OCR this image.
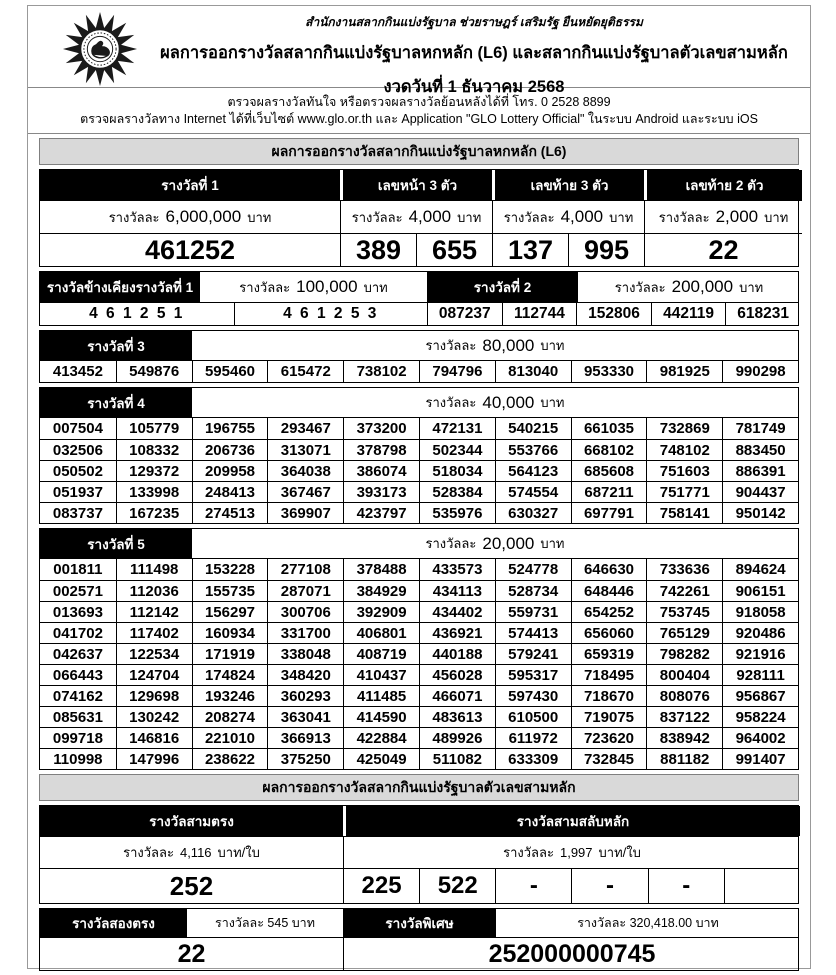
สำนักงานสลากกินแบ่งรัฐบาล ช่วยราษฎร์ เสริมรัฐ ยืนหยัดยุติธรรม
ผลการออกรางวัลสลากกินแบ่งรัฐบาลหกหลัก (L6) และสลากกินแบ่งรัฐบาลตัวเลขสามหลัก
งวดวันที่ 1 ธันวาคม 2568
ตรวจผลรางวัลทันใจ หรือตรวจผลรางวัลย้อนหลังได้ที่ โทร. 0 2528 8899
ตรวจผลรางวัลทาง Internet ได้ที่เว็บไซต์ www.glo.or.th และ Application "GLO Lottery Official" ในระบบ Android และระบบ iOS
ผลการออกรางวัลสลากกินแบ่งรัฐบาลหกหลัก (L6)
รางวัลที่ 1	เลขหน้า 3 ตัว	เลขท้าย 3 ตัว	เลขท้าย 2 ตัว
รางวัลละ 6,000,000 บาท	รางวัลละ 4,000 บาท รางวัลละ 4,000 บาท รางวัลละ 2,000 บาท
461252	389	655	137	995	22
รางวัลข้างเคียงรางวัลที่ 1	รางวัลละ 100,000 บาท	รางวัลที่ 2	รางวัลละ 200,000 บาท
4 6 1 2 5 1	4 6 1 2 5 3	087237	112744	152806	442119	618231
รางวัลที่ 3	รางวัลละ 80,000 บาท
413452	549876	595460	615472	738102	794796	813040	953330	981925	990298
รางวัลที่ 4	รางวัลละ 40,000 บาท
007504	105779	196755	293467	373200	472131	540215	661035	732869	781749
032506	108332	206736	313071	378798	502344	553766	668102	748102	883450
050502	129372	209958	364038	386074	518034	564123	685608	751603	886391
051937	133998	248413	367467	393173	528384	574554	687211	751771	904437
083737	167235	274513	369907	423797	535976	630327	697791	758141	950142
รางวัลที่ 5	รางวัลละ 20,000 บาท
001811	111498	153228	277108	378488	433573	524778	646630	733636	894624
002571	112036	155735	287071	384929	434113	528734	648446	742261	906151
013693	112142	156297	300706	392909	434402	559731	654252	753745	918058
041702	117402	160934	331700	406801	436921	574413	656060	765129	920486
042637	122534	171919	338048	408719	440188	579241	659319	798282	921916
066443	124704	174824	348420	410437	456028	595317	718495	800404	928111
074162	129698	193246	360293	411485	466071	597430	718670	808076	956867
085631	130242	208274	363041	414590	483613	610500	719075	837122	958224
099718	146816	221010	366913	422884	489926	611972	723620	838942	964002
110998	147996	238622	375250	425049	511082	633309	732845	881182	991407
ผลการออกรางวัลสลากกินแบ่งรัฐบาลตัวเลขสามหลัก
รางวัลสามตรง	รางวัลสามสลับหลัก
รางวัลละ 4,116 บาท/ใบ	รางวัลละ 1,997 บาท/ใบ
252	225	522	-	-	-
รางวัลสองตรง	รางวัลละ 545 บาท	รางวัลพิเศษ	รางวัลละ 320,418.00 บาท
22	252000000745
